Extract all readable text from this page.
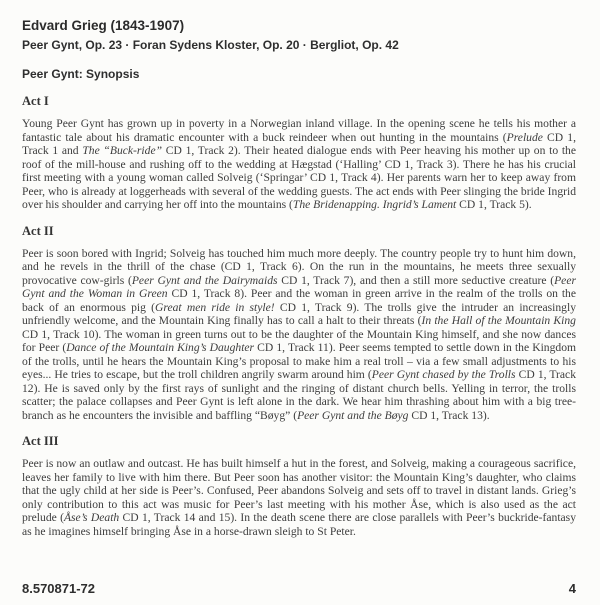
Edvard Grieg (1843-1907)
Peer Gynt, Op. 23 · Foran Sydens Kloster, Op. 20 · Bergliot, Op. 42
Peer Gynt: Synopsis
Act I

Young Peer Gynt has grown up in poverty in a Norwegian inland village. In the opening scene he tells his mother a fantastic tale about his dramatic encounter with a buck reindeer when out hunting in the mountains (Prelude CD 1, Track 1 and The “Buck-ride” CD 1, Track 2). Their heated dialogue ends with Peer heaving his mother up on to the roof of the mill-house and rushing off to the wedding at Hægstad (‘Halling’ CD 1, Track 3). There he has his crucial first meeting with a young woman called Solveig (‘Springar’ CD 1, Track 4). Her parents warn her to keep away from Peer, who is already at loggerheads with several of the wedding guests. The act ends with Peer slinging the bride Ingrid over his shoulder and carrying her off into the mountains (The Bridenapping. Ingrid’s Lament CD 1, Track 5).

Act II

Peer is soon bored with Ingrid; Solveig has touched him much more deeply. The country people try to hunt him down, and he revels in the thrill of the chase (CD 1, Track 6). On the run in the mountains, he meets three sexually provocative cow-girls (Peer Gynt and the Dairymaids CD 1, Track 7), and then a still more seductive creature (Peer Gynt and the Woman in Green CD 1, Track 8). Peer and the woman in green arrive in the realm of the trolls on the back of an enormous pig (Great men ride in style! CD 1, Track 9). The trolls give the intruder an increasingly unfriendly welcome, and the Mountain King finally has to call a halt to their threats (In the Hall of the Mountain King CD 1, Track 10). The woman in green turns out to be the daughter of the Mountain King himself, and she now dances for Peer (Dance of the Mountain King’s Daughter CD 1, Track 11). Peer seems tempted to settle down in the Kingdom of the trolls, until he hears the Mountain King’s proposal to make him a real troll – via a few small adjustments to his eyes... He tries to escape, but the troll children angrily swarm around him (Peer Gynt chased by the Trolls CD 1, Track 12). He is saved only by the first rays of sunlight and the ringing of distant church bells. Yelling in terror, the trolls scatter; the palace collapses and Peer Gynt is left alone in the dark. We hear him thrashing about him with a big tree-branch as he encounters the invisible and baffling “Bøyg” (Peer Gynt and the Bøyg CD 1, Track 13).

Act III

Peer is now an outlaw and outcast. He has built himself a hut in the forest, and Solveig, making a courageous sacrifice, leaves her family to live with him there. But Peer soon has another visitor: the Mountain King’s daughter, who claims that the ugly child at her side is Peer’s. Confused, Peer abandons Solveig and sets off to travel in distant lands. Grieg’s only contribution to this act was music for Peer’s last meeting with his mother Åse, which is also used as the act prelude (Åse’s Death CD 1, Track 14 and 15). In the death scene there are close parallels with Peer’s buckride-fantasy as he imagines himself bringing Åse in a horse-drawn sleigh to St Peter.

8.570871-72	4
